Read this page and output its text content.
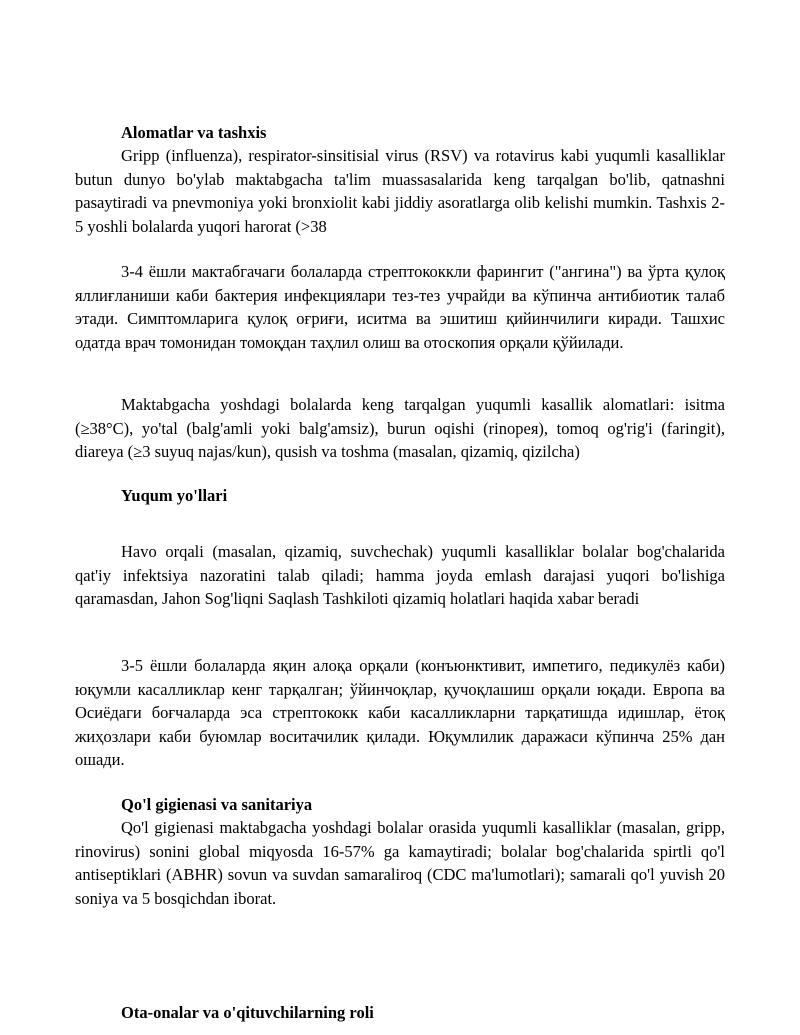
Alomatlar va tashxis

Gripp (influenza), respirator-sinsitisial virus (RSV) va rotavirus kabi yuqumli kasalliklar butun dunyo bo'ylab maktabgacha ta'lim muassasalarida keng tarqalgan bo'lib, qatnashni pasaytiradi va pnevmoniya yoki bronxiolit kabi jiddiy asoratlarga olib kelishi mumkin. Tashxis 2-5 yoshli bolalarda yuqori harorat (>38

3-4 ёшли мактабгачаги болаларда стрептококкли фарингит ("ангина") ва ўрта қулоқ яллиғланиши каби бактерия инфекциялари тез-тез учрайди ва кўпинча антибиотик талаб этади. Симптомларига қулоқ оғриғи, иситма ва эшитиш қийинчилиги киради. Ташхис одатда врач томонидан томоқдан таҳлил олиш ва отоскопия орқали қўйилади.

Maktabgacha yoshdagi bolalarda keng tarqalgan yuqumli kasallik alomatlari: isitma (≥38°C), yo'tal (balg'amli yoki balg'amsiz), burun oqishi (rinopея), tomoq og'rig'i (faringit), diareya (≥3 suyuq najas/kun), qusish va toshma (masalan, qizamiq, qizilcha)

Yuqum yo'llari

Havo orqali (masalan, qizamiq, suvchechak) yuqumli kasalliklar bolalar bog'chalarida qat'iy infektsiya nazoratini talab qiladi; hamma joyda emlash darajasi yuqori bo'lishiga qaramasdan, Jahon Sog'liqni Saqlash Tashkiloti qizamiq holatlari haqida xabar beradi

3-5 ёшли болаларда яқин алоқа орқали (конъюнктивит, импетиго, педикулёз каби) юқумли касалликлар кенг тарқалган; ўйинчоқлар, қучоқлашиш орқали юқади. Европа ва Осиёдаги боғчаларда эса стрептококк каби касалликларни тарқатишда идишлар, ётоқ жиҳозлари каби буюмлар воситачилик қилади. Юқумлилик даражаси кўпинча 25% дан ошади.

Qo'l gigienasi va sanitariya

Qo'l gigienasi maktabgacha yoshdagi bolalar orasida yuqumli kasalliklar (masalan, gripp, rinovirus) sonini global miqyosda 16-57% ga kamaytiradi; bolalar bog'chalarida spirtli qo'l antiseptiklari (ABHR) sovun va suvdan samaraliroq (CDC ma'lumotlari); samarali qo'l yuvish 20 soniya va 5 bosqichdan iborat.

Ota-onalar va o'qituvchilarning roli
